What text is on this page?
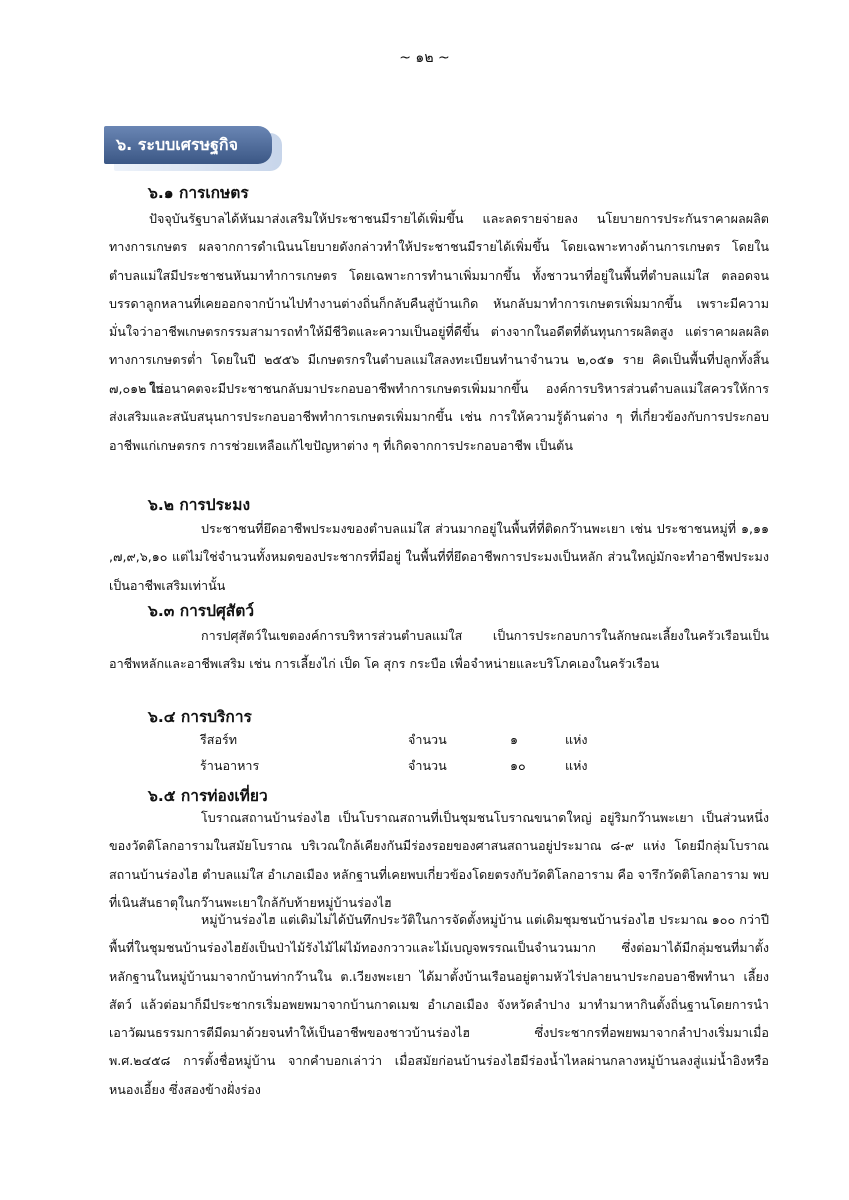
~ ๑๒ ~
๖. ระบบเศรษฐกิจ
๖.๑ การเกษตร
ปัจจุบันรัฐบาลได้หันมาส่งเสริมให้ประชาชนมีรายได้เพิ่มขึ้น และลดรายจ่ายลง นโยบายการประกันราคาผลผลิตทางการเกษตร ผลจากการดำเนินนโยบายดังกล่าวทำให้ประชาชนมีรายได้เพิ่มขึ้น โดยเฉพาะทางด้านการเกษตร โดยในตำบลแม่ใสมีประชาชนหันมาทำการเกษตร โดยเฉพาะการทำนาเพิ่มมากขึ้น ทั้งชาวนาที่อยู่ในพื้นที่ตำบลแม่ใส ตลอดจนบรรดาลูกหลานที่เคยออกจากบ้านไปทำงานต่างถิ่นก็กลับคืนสู่บ้านเกิด หันกลับมาทำการเกษตรเพิ่มมากขึ้น เพราะมีความมั่นใจว่าอาชีพเกษตรกรรมสามารถทำให้มีชีวิตและความเป็นอยู่ที่ดีขึ้น ต่างจากในอดีตที่ต้นทุนการผลิตสูง แต่ราคาผลผลิตทางการเกษตรต่ำ โดยในปี ๒๕๕๖ มีเกษตรกรในตำบลแม่ใสลงทะเบียนทำนาจำนวน ๒,๐๕๑ ราย คิดเป็นพื้นที่ปลูกทั้งสิ้น ๗,๐๑๒ ไร่
ในอนาคตจะมีประชาชนกลับมาประกอบอาชีพทำการเกษตรเพิ่มมากขึ้น องค์การบริหารส่วนตำบลแม่ใสควรให้การส่งเสริมและสนับสนุนการประกอบอาชีพทำการเกษตรเพิ่มมากขึ้น เช่น การให้ความรู้ด้านต่าง ๆ ที่เกี่ยวข้องกับการประกอบอาชีพแก่เกษตรกร การช่วยเหลือแก้ไขปัญหาต่าง ๆ ที่เกิดจากการประกอบอาชีพ เป็นต้น
๖.๒ การประมง
ประชาชนที่ยึดอาชีพประมงของตำบลแม่ใส ส่วนมากอยู่ในพื้นที่ที่ติดกว๊านพะเยา เช่น ประชาชนหมู่ที่ ๑,๑๑ ,๗,๙,๖,๑๐ แต่ไม่ใช่จำนวนทั้งหมดของประชากรที่มีอยู่ ในพื้นที่ที่ยึดอาชีพการประมงเป็นหลัก ส่วนใหญ่มักจะทำอาชีพประมงเป็นอาชีพเสริมเท่านั้น
๖.๓ การปศุสัตว์
การปศุสัตว์ในเขตองค์การบริหารส่วนตำบลแม่ใส เป็นการประกอบการในลักษณะเลี้ยงในครัวเรือนเป็นอาชีพหลักและอาชีพเสริม เช่น การเลี้ยงไก่ เป็ด โค สุกร กระบือ เพื่อจำหน่ายและบริโภคเองในครัวเรือน
๖.๔ การบริการ
รีสอร์ท	จำนวน	๑	แห่ง
ร้านอาหาร	จำนวน	๑๐	แห่ง
๖.๕ การท่องเที่ยว
โบราณสถานบ้านร่องไฮ เป็นโบราณสถานที่เป็นชุมชนโบราณขนาดใหญ่ อยู่ริมกว๊านพะเยา เป็นส่วนหนึ่งของวัดติโลกอารามในสมัยโบราณ บริเวณใกล้เคียงกันมีร่องรอยของศาสนสถานอยู่ประมาณ ๘-๙ แห่ง โดยมีกลุ่มโบราณสถานบ้านร่องไฮ ตำบลแม่ใส อำเภอเมือง หลักฐานที่เคยพบเกี่ยวข้องโดยตรงกับวัดติโลกอาราม คือ จารึกวัดติโลกอาราม พบที่เนินสันธาตุในกว๊านพะเยาใกล้กับท้ายหมู่บ้านร่องไฮ
หมู่บ้านร่องไฮ แต่เดิมไม่ได้บันทึกประวัติในการจัดตั้งหมู่บ้าน แต่เดิมชุมชนบ้านร่องไฮ ประมาณ ๑๐๐ กว่าปี พื้นที่ในชุมชนบ้านร่องไฮยังเป็นป่าไม้รังไม้ไผ่ไม้ทองกวาวและไม้เบญจพรรณเป็นจำนวนมาก ซึ่งต่อมาได้มีกลุ่มชนที่มาตั้งหลักฐานในหมู่บ้านมาจากบ้านท่ากว๊านใน ต.เวียงพะเยา ได้มาตั้งบ้านเรือนอยู่ตามหัวไร่ปลายนาประกอบอาชีพทำนา เลี้ยงสัตว์ แล้วต่อมาก็มีประชากรเริ่มอพยพมาจากบ้านกาดเมฆ อำเภอเมือง จังหวัดลำปาง มาทำมาหากินตั้งถิ่นฐานโดยการนำเอาวัฒนธรรมการตีมีดมาด้วยจนทำให้เป็นอาชีพของชาวบ้านร่องไฮ ซึ่งประชากรที่อพยพมาจากลำปางเริ่มมาเมื่อ พ.ศ.๒๔๕๘ การตั้งชื่อหมู่บ้าน จากคำบอกเล่าว่า เมื่อสมัยก่อนบ้านร่องไฮมีร่องน้ำไหลผ่านกลางหมู่บ้านลงสู่แม่น้ำอิงหรือหนองเอี้ยง ซึ่งสองข้างฝั่งร่อง
